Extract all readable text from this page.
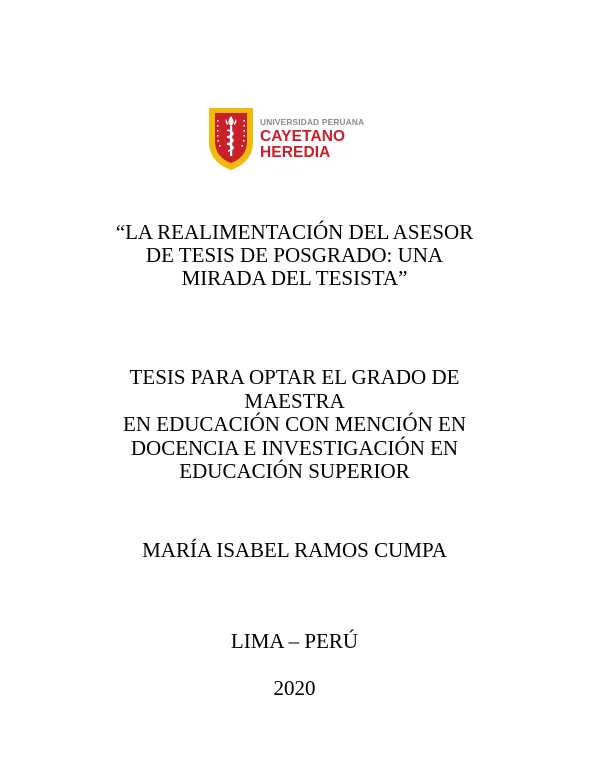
UNIVERSIDAD PERUANA
CAYETANO HEREDIA
“LA REALIMENTACIÓN DEL ASESOR
DE TESIS DE POSGRADO: UNA
MIRADA DEL TESISTA”
TESIS PARA OPTAR EL GRADO DE
MAESTRA
EN EDUCACIÓN CON MENCIÓN EN
DOCENCIA E INVESTIGACIÓN EN
EDUCACIÓN SUPERIOR
MARÍA ISABEL RAMOS CUMPA
LIMA – PERÚ
2020
